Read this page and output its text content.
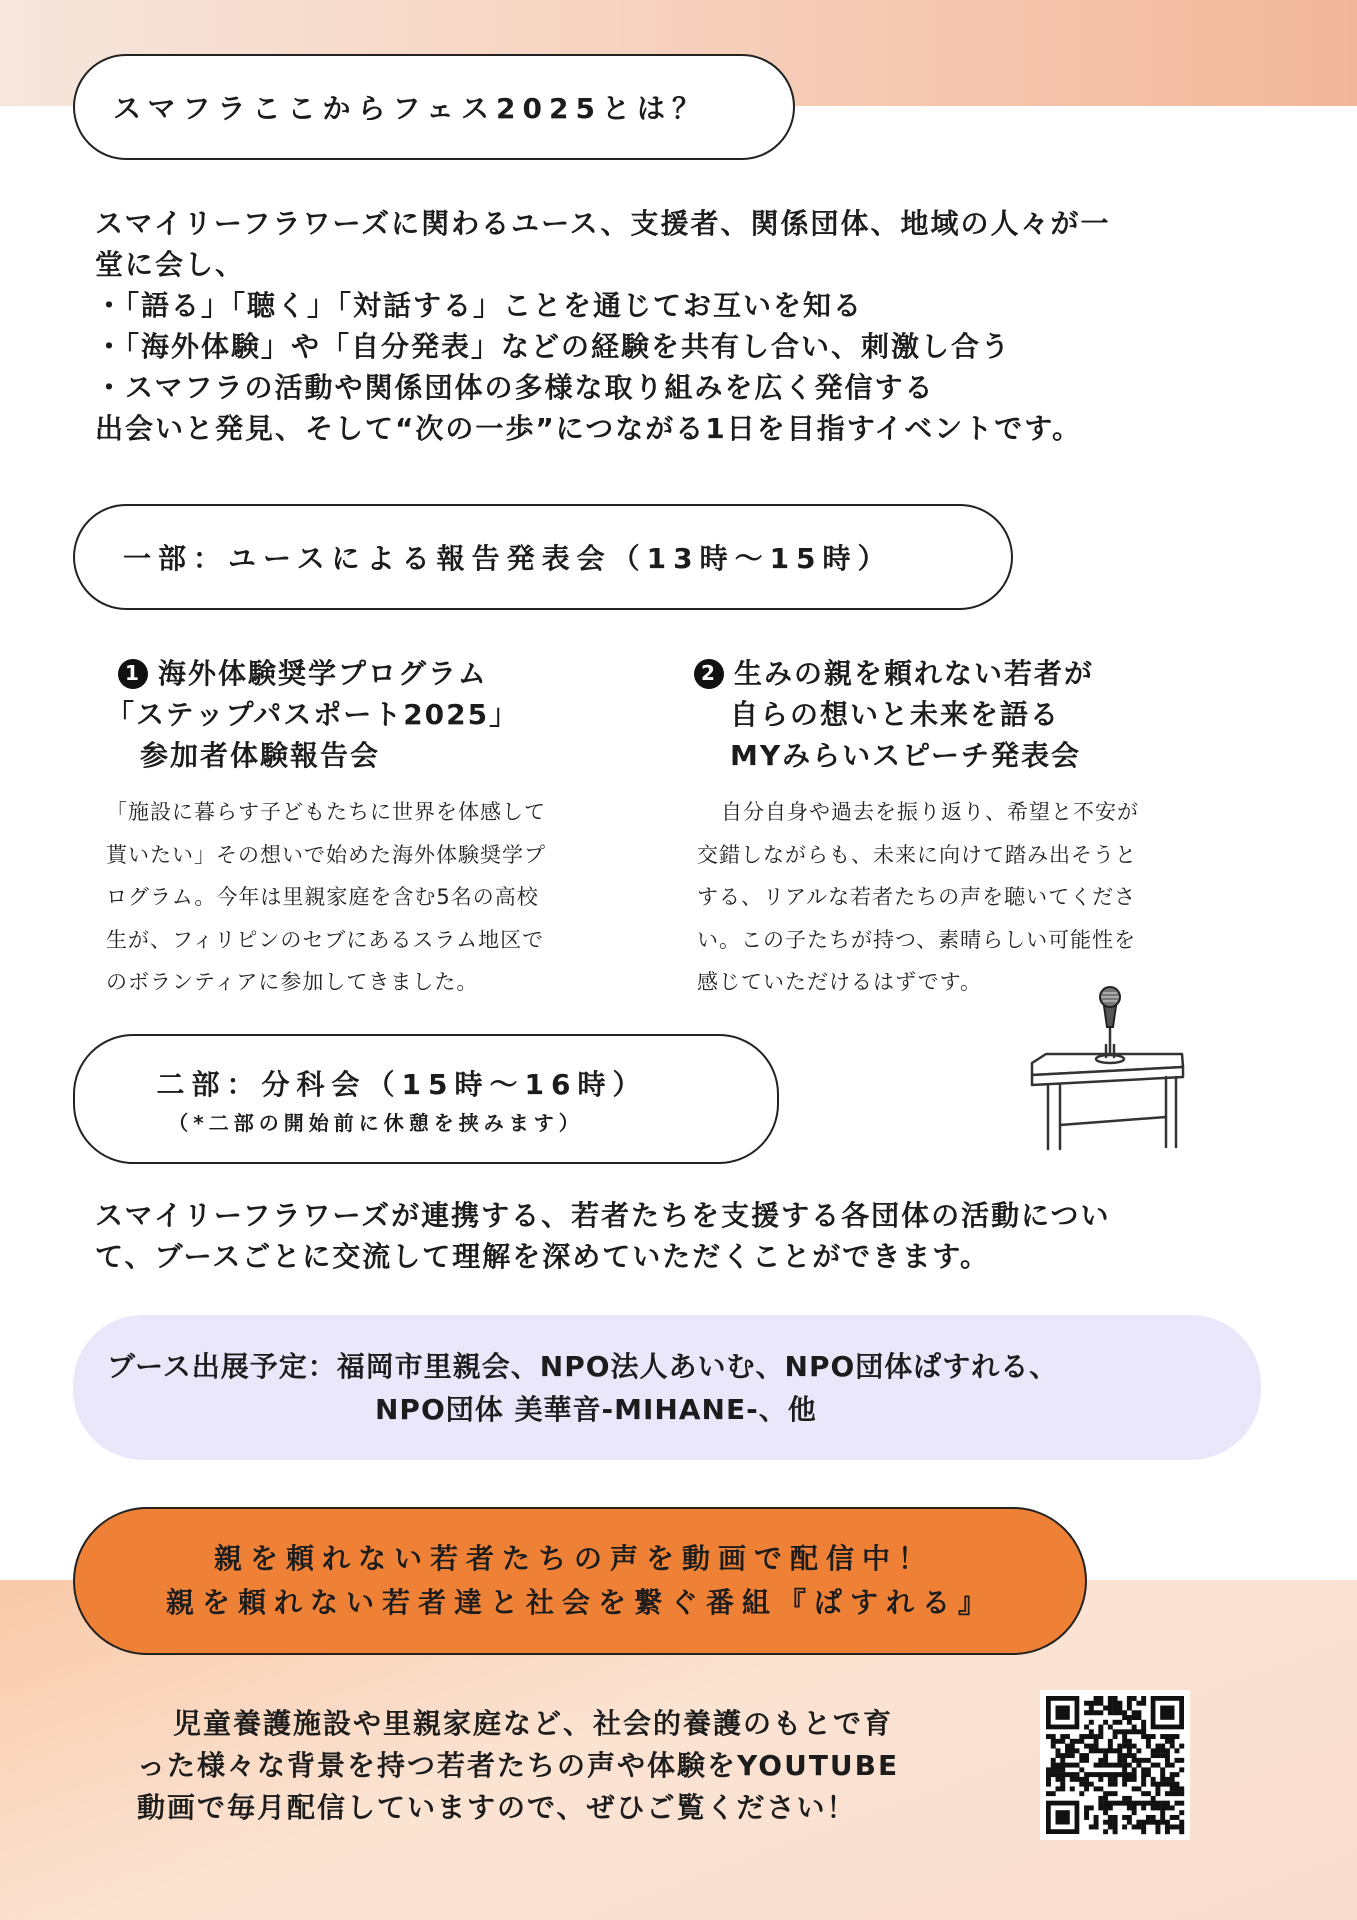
スマフラここからフェス2025とは？
スマイリーフラワーズに関わるユース、支援者、関係団体、地域の人々が一
堂に会し、
・「語る」「聴く」「対話する」ことを通じてお互いを知る
・「海外体験」や「自分発表」などの経験を共有し合い、刺激し合う
・スマフラの活動や関係団体の多様な取り組みを広く発信する
出会いと発見、そして“次の一歩”につながる1日を目指すイベントです。
一部：ユースによる報告発表会（13時～15時）
1 海外体験奨学プログラム
「ステップパスポート2025」
参加者体験報告会
「施設に暮らす子どもたちに世界を体感して
貰いたい」その想いで始めた海外体験奨学プ
ログラム。今年は里親家庭を含む5名の高校
生が、フィリピンのセブにあるスラム地区で
のボランティアに参加してきました。
2 生みの親を頼れない若者が
自らの想いと未来を語る
MYみらいスピーチ発表会
自分自身や過去を振り返り、希望と不安が
交錯しながらも、未来に向けて踏み出そうと
する、リアルな若者たちの声を聴いてくださ
い。この子たちが持つ、素晴らしい可能性を
感じていただけるはずです。
二部：分科会（15時～16時）
（*二部の開始前に休憩を挟みます）
スマイリーフラワーズが連携する、若者たちを支援する各団体の活動につい
て、ブースごとに交流して理解を深めていただくことができます。
ブース出展予定：福岡市里親会、NPO法人あいむ、NPO団体ぱすれる、
NPO団体 美華音-MIHANE-、他
親を頼れない若者たちの声を動画で配信中！
親を頼れない若者達と社会を繋ぐ番組『ぱすれる』
児童養護施設や里親家庭など、社会的養護のもとで育
った様々な背景を持つ若者たちの声や体験をYOUTUBE
動画で毎月配信していますので、ぜひご覧ください！
